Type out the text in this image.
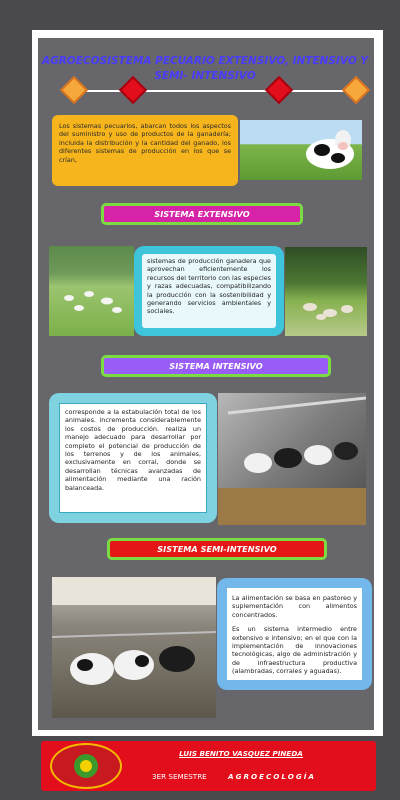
AGROECOSISTEMA PECUARIO EXTENSIVO, INTENSIVO Y SEMI- INTENSIVO
Los sistemas pecuarios, abarcan todos los aspectos del suministro y uso de productos de la ganadería; incluida la distribución y la cantidad del ganado, los diferentes sistemas de producción en los que se crían,
SISTEMA EXTENSIVO
sistemas de producción ganadera que aprovechan eficientemente los recursos del territorio con las especies y razas adecuadas, compatibilizando la producción con la sostenibilidad y generando servicios ambientales y sociales.
SISTEMA INTENSIVO
corresponde a la estabulación total de los animales. incrementa considerablemente los costos de producción. realiza un manejo adecuado para desarrollar por completo el potencial de producción de los terrenos y de los animales, exclusivamente en corral, donde se desarrollan técnicas avanzadas de alimentación mediante una ración balanceada.
SISTEMA SEMI-INTENSIVO

La alimentación se basa en pastoreo y suplementación con alimentos concentrados.

Es un sistema intermedio entre extensivo e intensivo; en el que con la implementación de innovaciones tecnológicas, algo de administración y de infraestructura productiva (alambradas, corrales y aguadas).

LUIS BENITO VASQUEZ PINEDA
3ER SEMESTRE	AGROECOLOGÍA
